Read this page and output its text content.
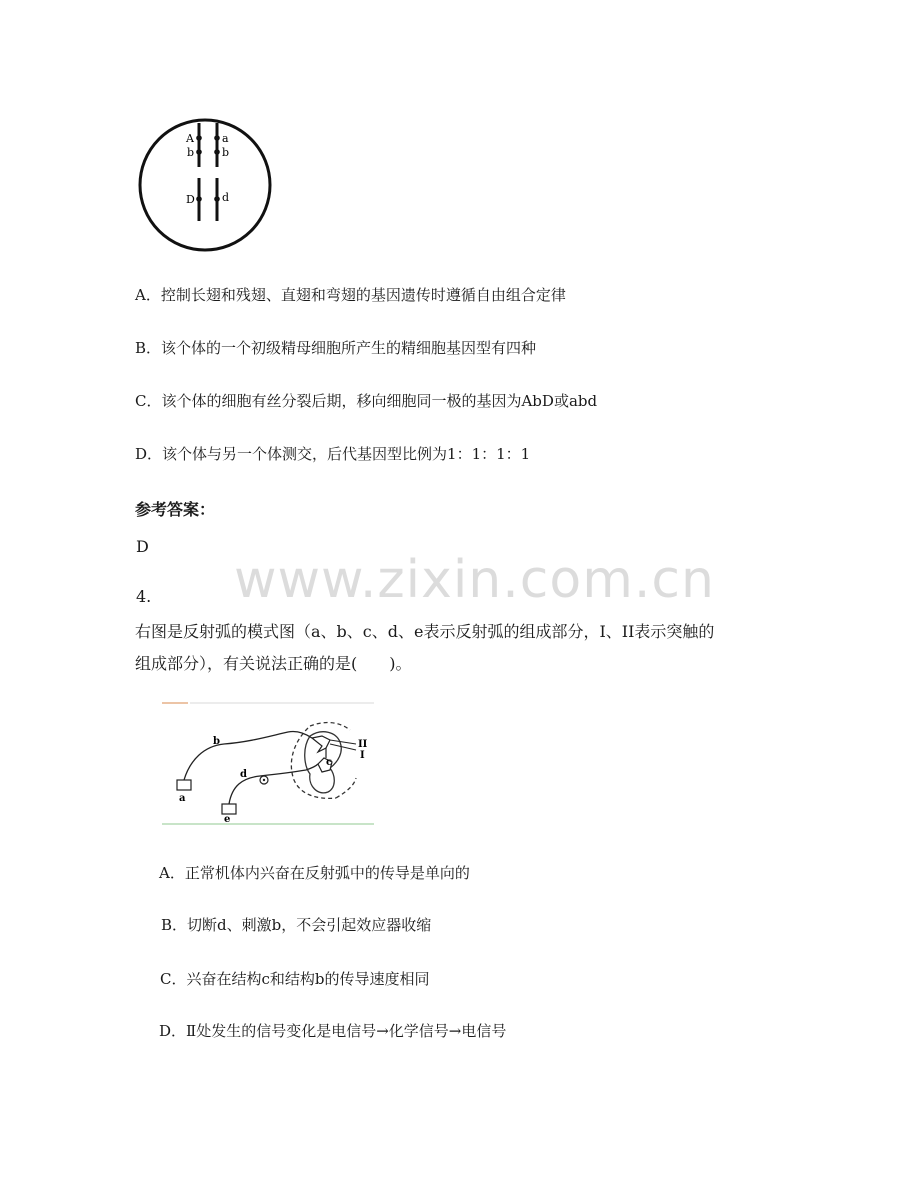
A	a
b	b
D d
A．控制长翅和残翅、直翅和弯翅的基因遗传时遵循自由组合定律
B．该个体的一个初级精母细胞所产生的精细胞基因型有四种
C．该个体的细胞有丝分裂后期，移向细胞同一极的基因为AbD或abd
D．该个体与另一个体测交，后代基因型比例为1：1：1：1
参考答案：
D
www.zixin.com.cn
4.
右图是反射弧的模式图（a、b、c、d、e表示反射弧的组成部分，I、II表示突触的
组成部分），有关说法正确的是(　　)。
a
b
c
d
e
II
I
A．正常机体内兴奋在反射弧中的传导是单向的
B．切断d、刺激b，不会引起效应器收缩
C．兴奋在结构c和结构b的传导速度相同
D．Ⅱ处发生的信号变化是电信号→化学信号→电信号
